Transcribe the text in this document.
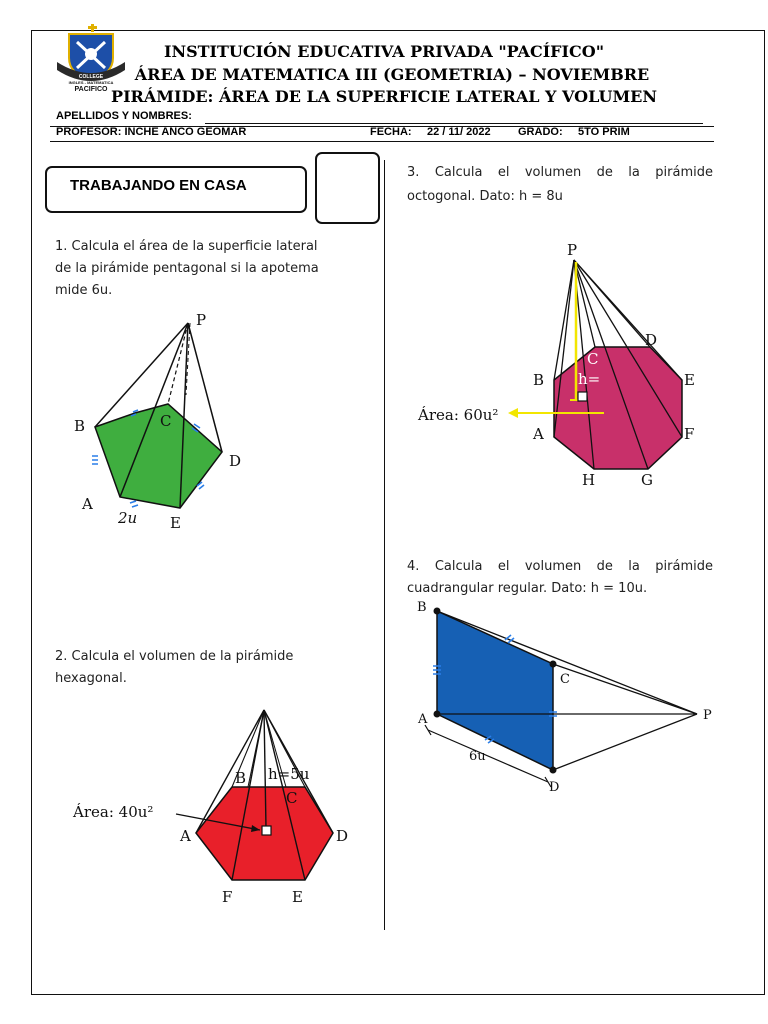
COLLEGE
INGLES - MATEMATICA
PACIFICO
INSTITUCIÓN EDUCATIVA PRIVADA "PACÍFICO"
ÁREA DE MATEMATICA III (GEOMETRIA) – NOVIEMBRE
PIRÁMIDE: ÁREA DE LA SUPERFICIE LATERAL Y VOLUMEN
APELLIDOS Y NOMBRES:
PROFESOR: INCHE ANCO GEOMAR	FECHA: 22 / 11/ 2022 GRADO: 5TO PRIM
TRABAJANDO EN CASA
1. Calcula el área de la superficie lateral
de la pirámide pentagonal si la apotema
mide 6u.
P
B	C
D
A
E
2u
2. Calcula el volumen de la pirámide
hexagonal.
B
C
A	D
F	E
h=5u
Área: 40u²
3. Calcula el volumen de la pirámide
octogonal. Dato: h = 8u
P
D
C
B	E
A	F
H	G
h=
Área: 60u²
4. Calcula el volumen de la pirámide
cuadrangular regular. Dato: h = 10u.
B
C
A	P
D
6u
